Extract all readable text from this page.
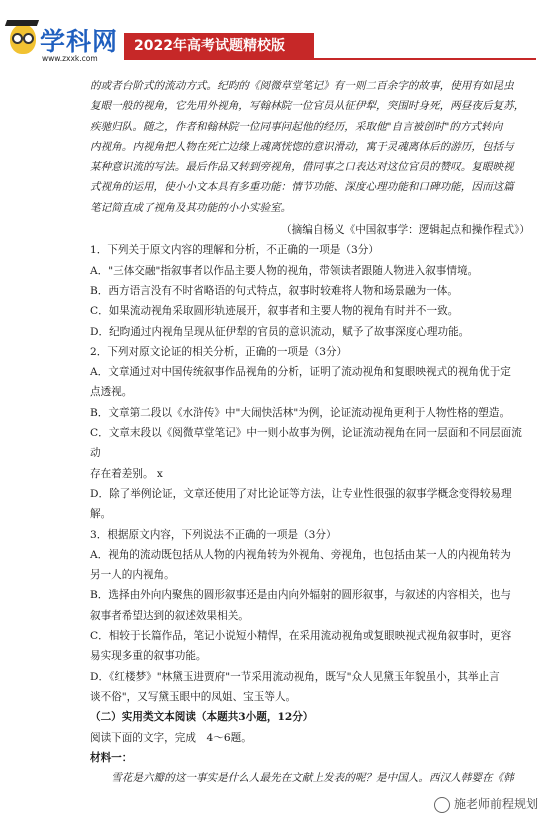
学科网
www.zxxk.com
2022年高考试题精校版

的或者台阶式的流动方式。纪昀的《阅微草堂笔记》有一则二百余字的故事，使用有如昆虫

复眼一般的视角，它先用外视角，写翰林院一位官员从征伊犁，突围时身死，两昼夜后复苏，

疾驰归队。随之，作者和翰林院一位同事问起他的经历，采取他"自言被创时"的方式转向

内视角。内视角把人物在死亡边缘上魂离恍惚的意识滑动，寓于灵魂离体后的游历，包括与

某种意识流的写法。最后作品又转到旁视角，借同事之口表达对这位官员的赞叹。复眼映视

式视角的运用，使小小文本具有多重功能：情节功能、深度心理功能和口碑功能，因而这篇

笔记简直成了视角及其功能的小小实验室。

（摘编自杨义《中国叙事学：逻辑起点和操作程式》）

1．下列关于原文内容的理解和分析，不正确的一项是（3分）

A．"三体交融"指叙事者以作品主要人物的视角，带领读者跟随人物进入叙事情境。

B．西方语言没有不时省略语的句式特点，叙事时较难将人物和场景融为一体。

C．如果流动视角采取圆形轨迹展开，叙事者和主要人物的视角有时并不一致。

D．纪昀通过内视角呈现从征伊犁的官员的意识流动，赋予了故事深度心理功能。

2．下列对原文论证的相关分析，正确的一项是（3分）

A．文章通过对中国传统叙事作品视角的分析，证明了流动视角和复眼映视式的视角优于定

点透视。

B．文章第二段以《水浒传》中"大闹快活林"为例，论证流动视角更利于人物性格的塑造。

C．文章末段以《阅微草堂笔记》中一则小故事为例，论证流动视角在同一层面和不同层面流动

存在着差别。 x

D．除了举例论证，文章还使用了对比论证等方法，让专业性很强的叙事学概念变得较易理

解。

3．根据原文内容，下列说法不正确的一项是（3分）

A．视角的流动既包括从人物的内视角转为外视角、旁视角，也包括由某一人的内视角转为

另一人的内视角。

B．选择由外向内聚焦的圆形叙事还是由内向外辐射的圆形叙事，与叙述的内容相关，也与

叙事者希望达到的叙述效果相关。

C．相较于长篇作品，笔记小说短小精悍，在采用流动视角或复眼映视式视角叙事时，更容

易实现多重的叙事功能。

D．《红楼梦》"林黛玉进贾府"一节采用流动视角，既写"众人见黛玉年貌虽小，其举止言

谈不俗"，又写黛玉眼中的凤姐、宝玉等人。

（二）实用类文本阅读（本题共3小题，12分）

阅读下面的文字，完成　4～6题。

材料一：

雪花是六瓣的这一事实是什么人最先在文献上发表的呢？是中国人。西汉人韩婴在《韩

施老师前程规划
